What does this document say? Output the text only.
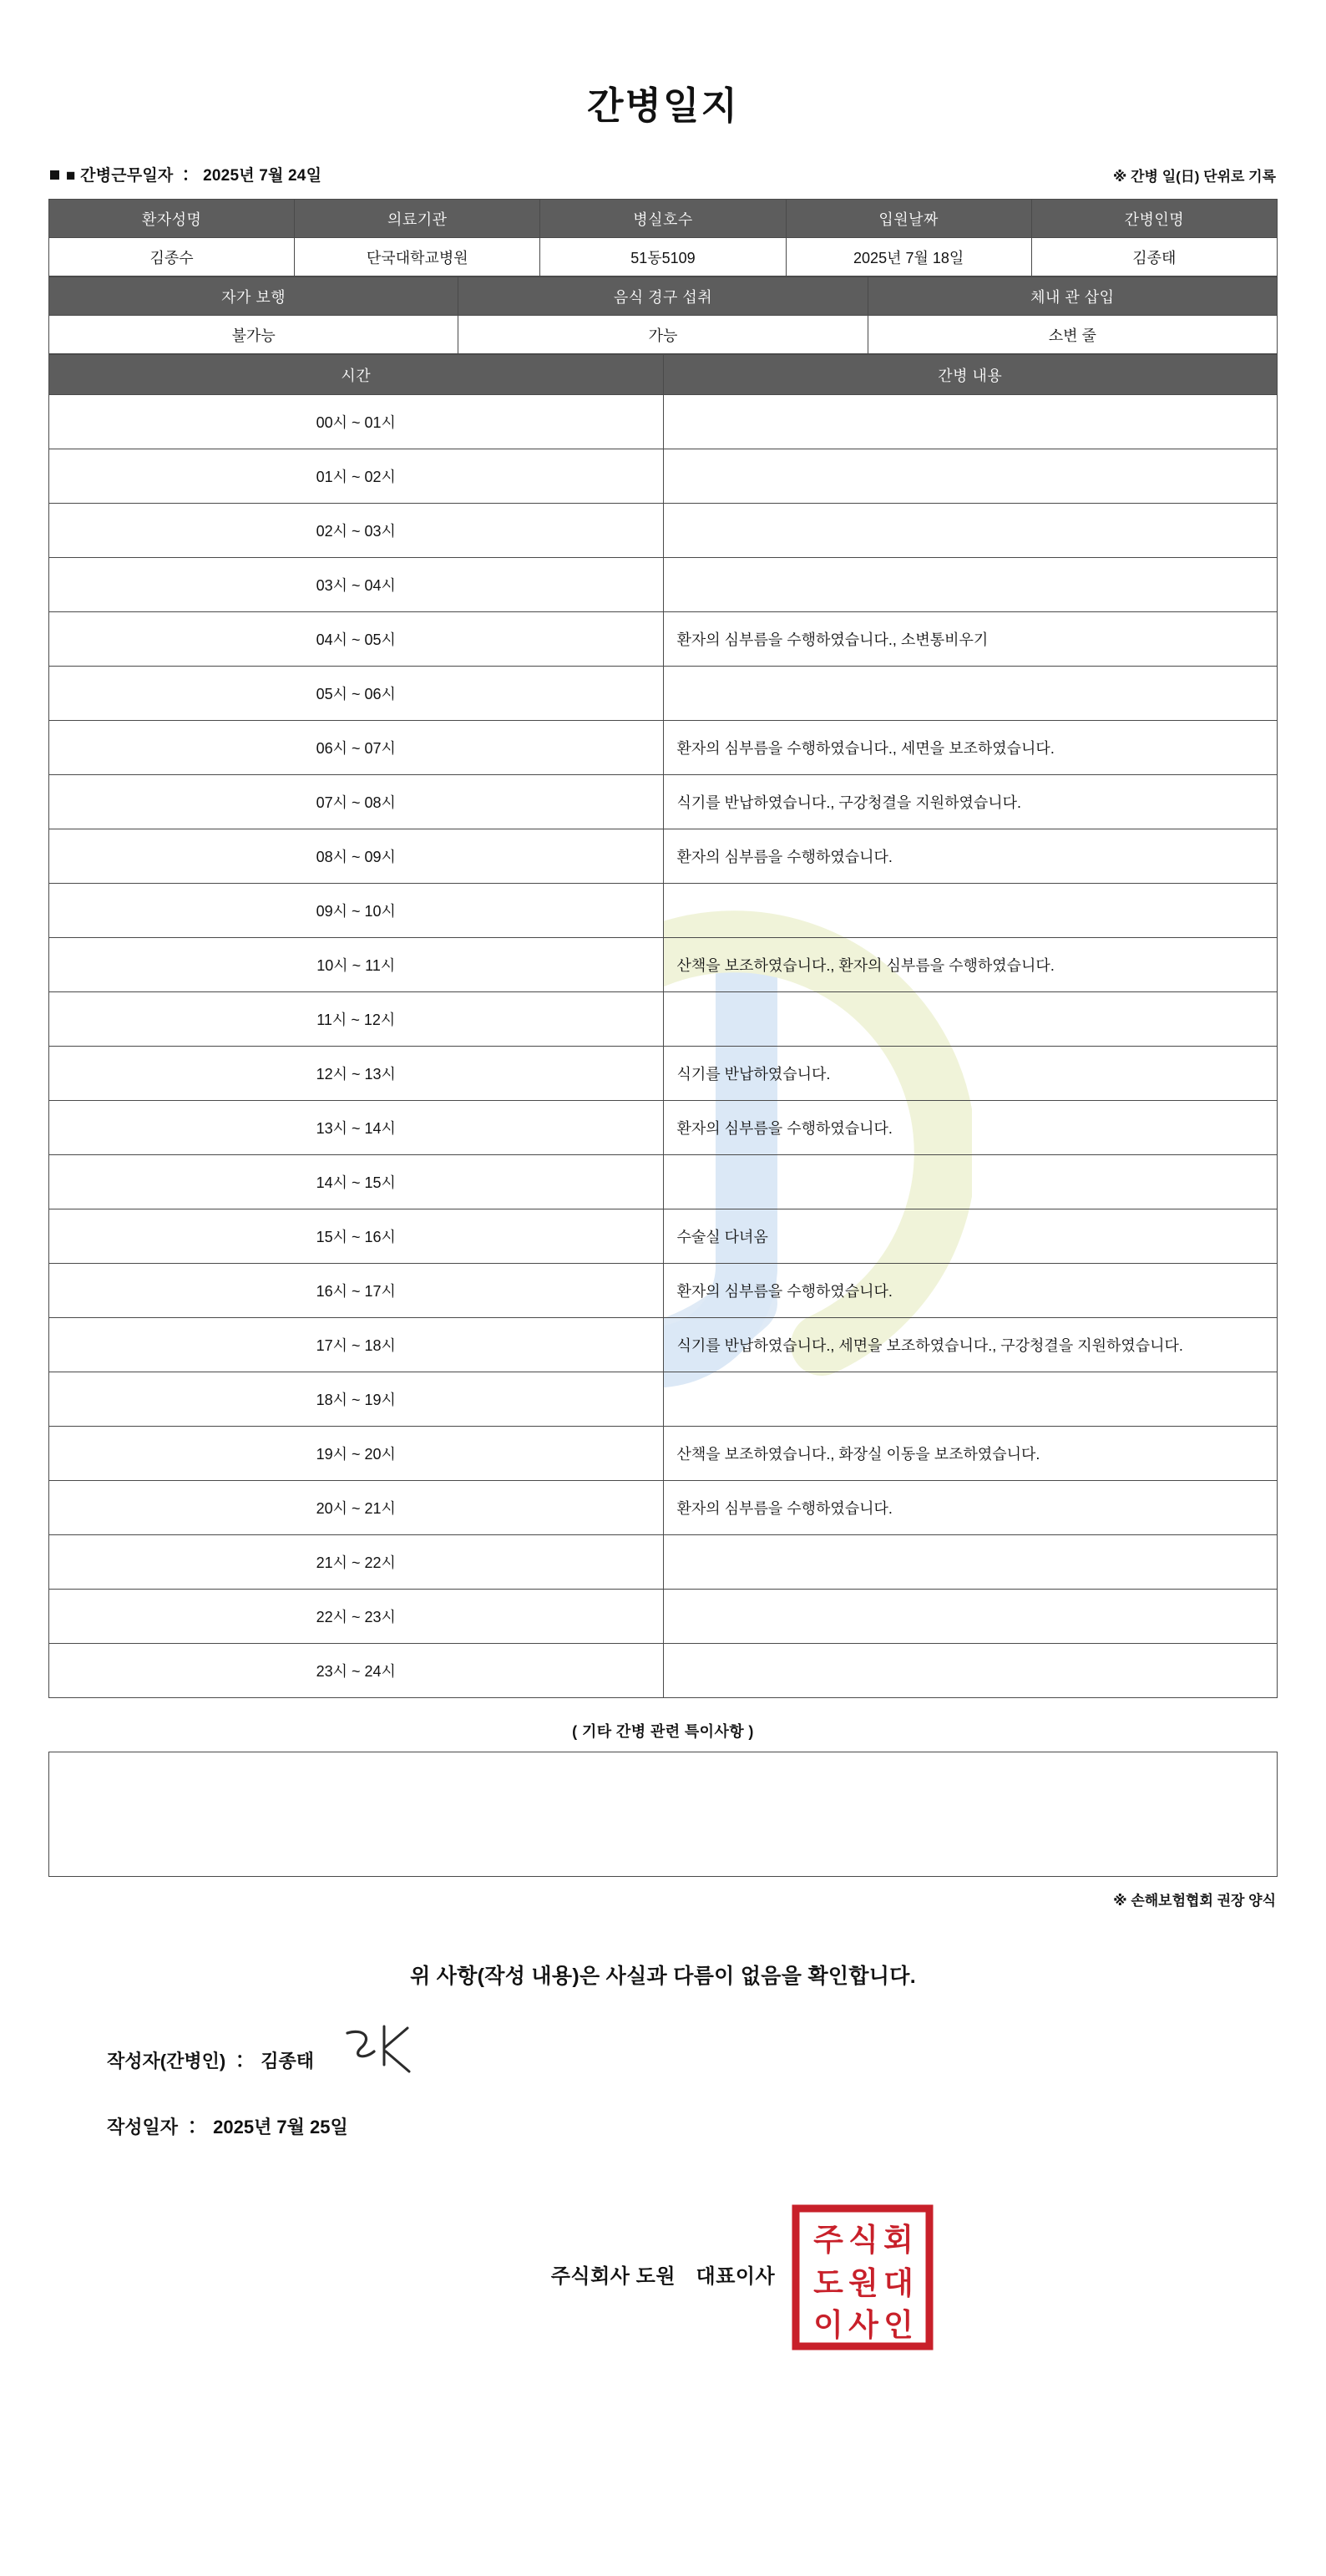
간병일지
■ 간병근무일자 ： 2025년 7월 24일	※ 간병 일(日) 단위로 기록
환자성명	의료기관	병실호수	입원날짜	간병인명
김종수	단국대학교병원	51동5109	2025년 7월 18일	김종태
자가 보행	음식 경구 섭취	체내 관 삽입
불가능	가능	소변 줄
시간	간병 내용
00시 ~ 01시	
01시 ~ 02시	
02시 ~ 03시	
03시 ~ 04시	
04시 ~ 05시	환자의 심부름을 수행하였습니다., 소변통비우기
05시 ~ 06시	
06시 ~ 07시	환자의 심부름을 수행하였습니다., 세면을 보조하였습니다.
07시 ~ 08시	식기를 반납하였습니다., 구강청결을 지원하였습니다.
08시 ~ 09시	환자의 심부름을 수행하였습니다.
09시 ~ 10시	
10시 ~ 11시	산책을 보조하였습니다., 환자의 심부름을 수행하였습니다.
11시 ~ 12시	
12시 ~ 13시	식기를 반납하였습니다.
13시 ~ 14시	환자의 심부름을 수행하였습니다.
14시 ~ 15시	
15시 ~ 16시	수술실 다녀옴
16시 ~ 17시	환자의 심부름을 수행하였습니다.
17시 ~ 18시	식기를 반납하였습니다., 세면을 보조하였습니다., 구강청결을 지원하였습니다.
18시 ~ 19시	
19시 ~ 20시	산책을 보조하였습니다., 화장실 이동을 보조하였습니다.
20시 ~ 21시	환자의 심부름을 수행하였습니다.
21시 ~ 22시	
22시 ~ 23시	
23시 ~ 24시	
( 기타 간병 관련 특이사항 )
※ 손해보험협회 권장 양식
위 사항(작성 내용)은 사실과 다름이 없음을 확인합니다.
작성자(간병인) ： 김종태
작성일자 ： 2025년 7월 25일
주식회사 도원　대표이사
주 식 회
도 원 대
이 사 인
